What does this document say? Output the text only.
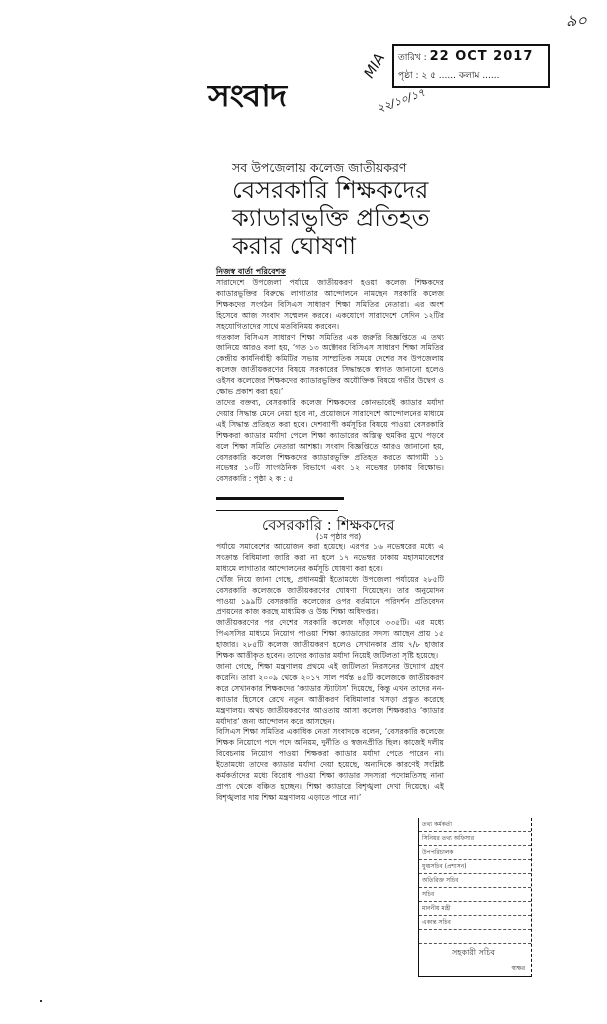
৯০
সংবাদ
তারিখ : 22 OCT 2017
পৃষ্ঠা : ২ ৫ ...... কলাম ......
MIA
২২/১০/১৭
সব উপজেলায় কলেজ জাতীয়করণ
বেসরকারি শিক্ষকদের
ক্যাডারভুক্তি প্রতিহত
করার ঘোষণা
নিজস্ব বার্তা পরিবেশক
সারাদেশে উপজেলা পর্যায়ে জাতীয়করণ হওয়া কলেজ শিক্ষকদের ক্যাডারভুক্তির বিরুদ্ধে লাগাতার আন্দোলনে নামছেন সরকারি কলেজ শিক্ষকদের সংগঠন বিসিএস সাধারণ শিক্ষা সমিতির নেতারা। এর অংশ হিসেবে আজ সংবাদ সম্মেলন করবে। একযোগে সারাদেশে সেদিন ১২টির সহযোগিতাদের সাথে মতবিনিময় করবেন।
গতকাল বিসিএস সাধারণ শিক্ষা সমিতির এক জরুরি বিজ্ঞপ্তিতে এ তথ্য জানিয়ে আরও বলা হয়, ‘গত ১৩ অক্টোবর বিসিএস সাধারণ শিক্ষা সমিতির কেন্দ্রীয় কার্যনির্বাহী কমিটির সভায় সাম্প্রতিক সময়ে দেশের সব উপজেলায় কলেজ জাতীয়করণের বিষয়ে সরকারের সিদ্ধান্তকে স্বাগত জানানো হলেও ওইসব কলেজের শিক্ষকদের ক্যাডারভুক্তির অযৌক্তিক বিষয়ে গভীর উদ্বেগ ও ক্ষোভ প্রকাশ করা হয়।’
তাদের বক্তব্য, বেসরকারি কলেজ শিক্ষকদের কোনভাবেই ক্যাডার মর্যাদা দেয়ার সিদ্ধান্ত মেনে নেয়া হবে না, প্রয়োজনে সারাদেশে আন্দোলনের মাধ্যমে এই সিদ্ধান্ত প্রতিহত করা হবে। দেশব্যাপী কর্মসূচির বিষয়ে পাওয়া বেসরকারি শিক্ষকরা ক্যাডার মর্যাদা পেলে শিক্ষা ক্যাডারের অস্তিত্ব হুমকির মুখে পড়বে বলে শিক্ষা সমিতি নেতারা আশঙ্কা। সংবাদ বিজ্ঞপ্তিতে আরও জানানো হয়, বেসরকারি কলেজ শিক্ষকদের ক্যাডারভুক্তি প্রতিহত করতে আগামী ১১ নভেম্বর ১০টি সাংগঠনিক বিভাগে এবং ১২ নভেম্বর ঢাকায় বিক্ষোভ। বেসরকারি : পৃষ্ঠা ২ ক : ৫
বেসরকারি : শিক্ষকদের
(১ম পৃষ্ঠার পর)
পর্যায়ে সমাবেশের আয়োজন করা হয়েছে। এরপর ১৬ নভেম্বরের মধ্যে এ সংক্রান্ত বিধিমালা জারি করা না হলে ১৭ নভেম্বর ঢাকায় মহাসমাবেশের মাধ্যমে লাগাতার আন্দোলনের কর্মসূচি ঘোষণা করা হবে।
খোঁজ নিয়ে জানা গেছে, প্রধানমন্ত্রী ইতোমধ্যে উপজেলা পর্যায়ের ২৮৫টি বেসরকারি কলেজকে জাতীয়করণের ঘোষণা দিয়েছেন। তার অনুমোদন পাওয়া ১৯৯টি বেসরকারি কলেজের ওপর বর্তমানে পরিদর্শন প্রতিবেদন প্রণয়নের কাজ করছে মাধ্যমিক ও উচ্চ শিক্ষা অধিদপ্তর।
জাতীয়করণের পর দেশের সরকারি কলেজ দাঁড়াবে ৩৩৫টি। এর মধ্যে পিএসসির মাধ্যমে নিয়োগ পাওয়া শিক্ষা ক্যাডারের সদস্য আছেন প্রায় ১৫ হাজার। ২৮৫টি কলেজ জাতীয়করণ হলেও সেখানকার প্রায় ৭/৮ হাজার শিক্ষক আত্তীকৃত হবেন। তাদের ক্যাডার মর্যাদা নিয়েই জটিলতা সৃষ্টি হয়েছে।
জানা গেছে, শিক্ষা মন্ত্রণালয় প্রথমে এই জটিলতা নিরসনের উদ্যোগ গ্রহণ করেনি। তারা ২০০৯ থেকে ২০১৭ সাল পর্যন্ত ৪৫টি কলেজকে জাতীয়করণ করে সেখানকার শিক্ষকদের ‘ক্যাডার স্ট্যাটাস’ দিয়েছে, কিন্তু এখন তাদের নন-ক্যাডার হিসেবে রেখে নতুন আত্তীকরণ বিধিমালার খসড়া প্রস্তুত করেছে মন্ত্রণালয়। অথচ জাতীয়করণের আওতায় আসা কলেজ শিক্ষকরাও ‘ক্যাডার মর্যাদার’ জন্য আন্দোলন করে আসছেন।
বিসিএস শিক্ষা সমিতির একাধিক নেতা সংবাদকে বলেন, ‘বেসরকারি কলেজে শিক্ষক নিয়োগে পদে পদে অনিয়ম, দুর্নীতি ও স্বজনপ্রীতি ছিল। কাজেই দলীয় বিবেচনায় নিয়োগ পাওয়া শিক্ষকরা ক্যাডার মর্যাদা পেতে পারেন না। ইতোমধ্যে তাদের ক্যাডার মর্যাদা দেয়া হয়েছে, অন্যদিকে কারণেই সংশ্লিষ্ট কর্মকর্তাদের মধ্যে বিরোধ পাওয়া শিক্ষা ক্যাডার সদস্যরা পদোন্নতিসহ নানা প্রাপ্য থেকে বঞ্চিত হচ্ছেন। শিক্ষা ক্যাডারে বিশৃঙ্খলা দেখা দিয়েছে। এই বিশৃঙ্খলার দায় শিক্ষা মন্ত্রণালয় এড়াতে পারে না।’
তথ্য কর্মকর্তা
সিনিয়র তথ্য অফিসার
উপপরিচালক
যুগ্মসচিব (প্রশাসন)
অতিরিক্ত সচিব
সচিব
মাননীয় মন্ত্রী
একান্ত সচিব
সহকারী সচিব
স্বাক্ষর
